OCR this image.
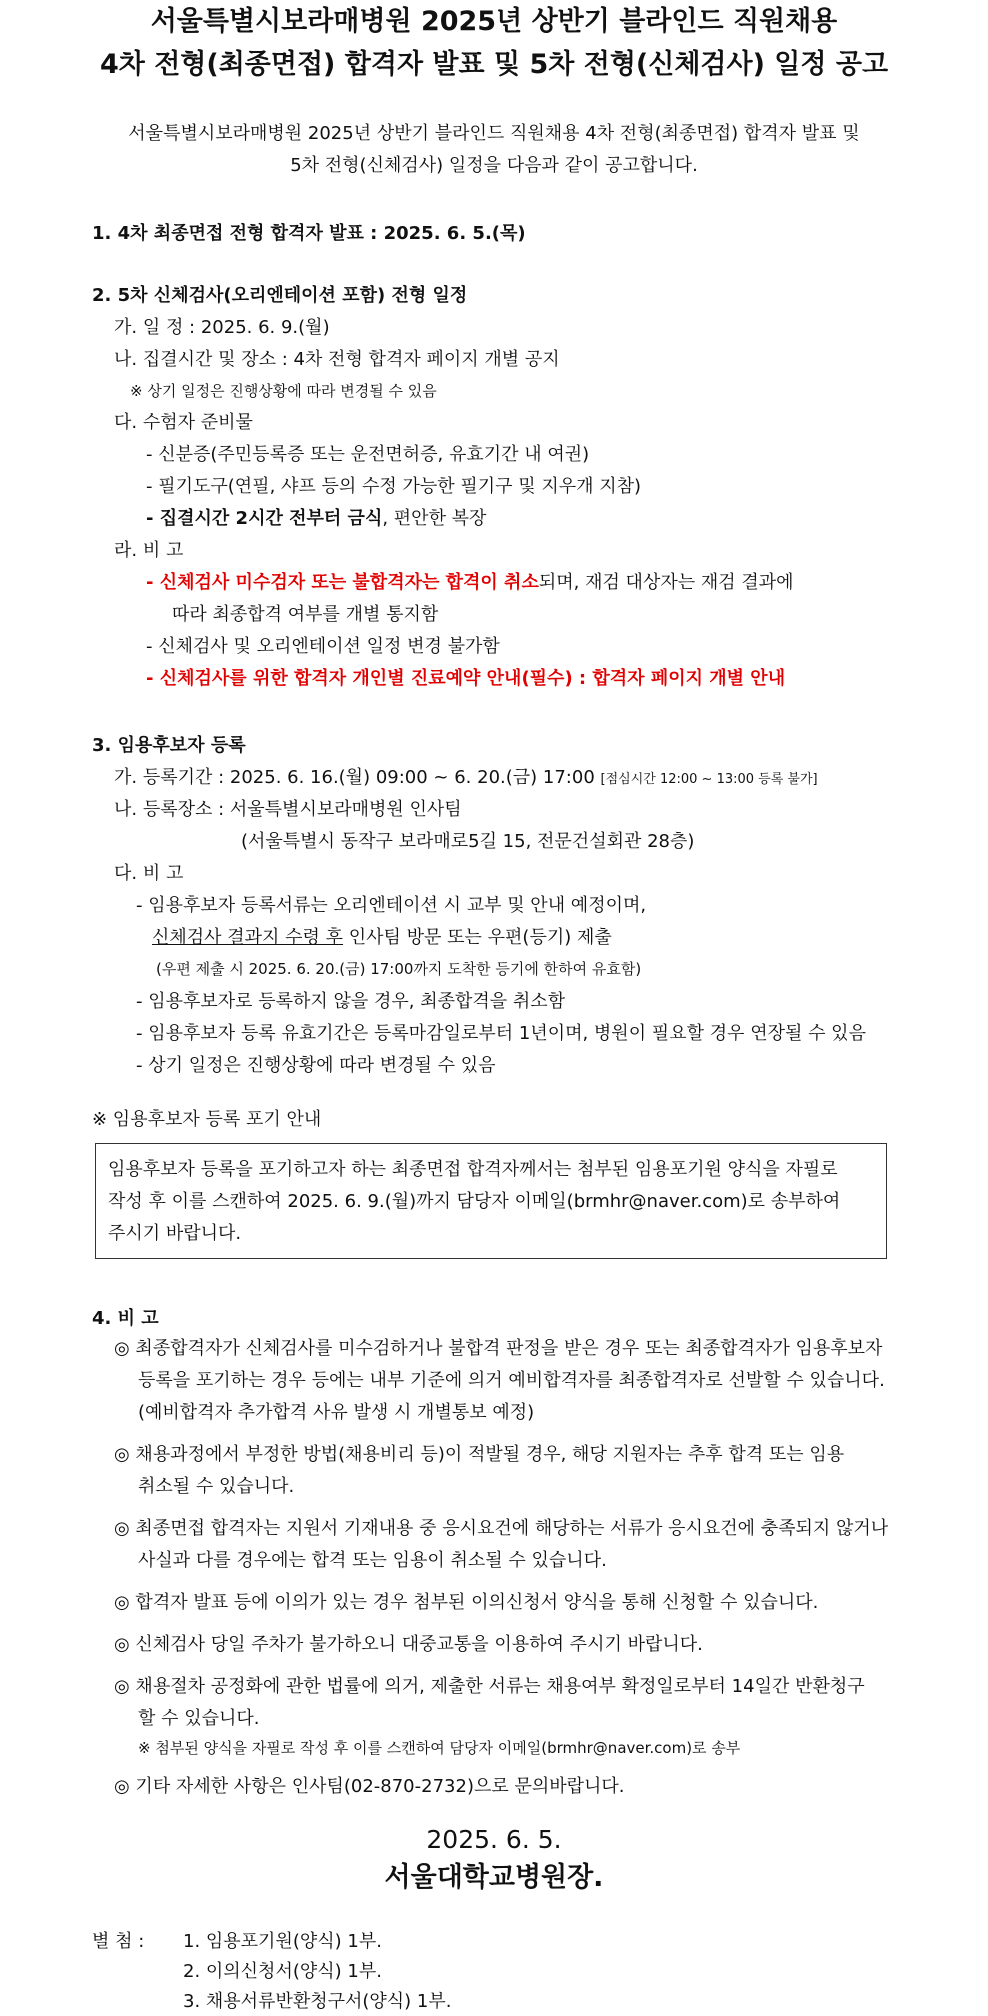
서울특별시보라매병원 2025년 상반기 블라인드 직원채용
4차 전형(최종면접) 합격자 발표 및 5차 전형(신체검사) 일정 공고
서울특별시보라매병원 2025년 상반기 블라인드 직원채용 4차 전형(최종면접) 합격자 발표 및
5차 전형(신체검사) 일정을 다음과 같이 공고합니다.
1. 4차 최종면접 전형 합격자 발표 : 2025. 6. 5.(목)
2. 5차 신체검사(오리엔테이션 포함) 전형 일정
가. 일 정 : 2025. 6. 9.(월)
나. 집결시간 및 장소 : 4차 전형 합격자 페이지 개별 공지
※ 상기 일정은 진행상황에 따라 변경될 수 있음
다. 수험자 준비물
- 신분증(주민등록증 또는 운전면허증, 유효기간 내 여권)
- 필기도구(연필, 샤프 등의 수정 가능한 필기구 및 지우개 지참)
- 집결시간 2시간 전부터 금식, 편안한 복장
라. 비 고
- 신체검사 미수검자 또는 불합격자는 합격이 취소되며, 재검 대상자는 재검 결과에
따라 최종합격 여부를 개별 통지함
- 신체검사 및 오리엔테이션 일정 변경 불가함
- 신체검사를 위한 합격자 개인별 진료예약 안내(필수) : 합격자 페이지 개별 안내
3. 임용후보자 등록
가. 등록기간 : 2025. 6. 16.(월) 09:00 ~ 6. 20.(금) 17:00 [점심시간 12:00 ~ 13:00 등록 불가]
나. 등록장소 : 서울특별시보라매병원 인사팀
(서울특별시 동작구 보라매로5길 15, 전문건설회관 28층)
다. 비 고
- 임용후보자 등록서류는 오리엔테이션 시 교부 및 안내 예정이며,
신체검사 결과지 수령 후 인사팀 방문 또는 우편(등기) 제출
(우편 제출 시 2025. 6. 20.(금) 17:00까지 도착한 등기에 한하여 유효함)
- 임용후보자로 등록하지 않을 경우, 최종합격을 취소함
- 임용후보자 등록 유효기간은 등록마감일로부터 1년이며, 병원이 필요할 경우 연장될 수 있음
- 상기 일정은 진행상황에 따라 변경될 수 있음
※ 임용후보자 등록 포기 안내
임용후보자 등록을 포기하고자 하는 최종면접 합격자께서는 첨부된 임용포기원 양식을 자필로
작성 후 이를 스캔하여 2025. 6. 9.(월)까지 담당자 이메일(brmhr@naver.com)로 송부하여
주시기 바랍니다.
4. 비 고
◎ 최종합격자가 신체검사를 미수검하거나 불합격 판정을 받은 경우 또는 최종합격자가 임용후보자
등록을 포기하는 경우 등에는 내부 기준에 의거 예비합격자를 최종합격자로 선발할 수 있습니다.
(예비합격자 추가합격 사유 발생 시 개별통보 예정)
◎ 채용과정에서 부정한 방법(채용비리 등)이 적발될 경우, 해당 지원자는 추후 합격 또는 임용
취소될 수 있습니다.
◎ 최종면접 합격자는 지원서 기재내용 중 응시요건에 해당하는 서류가 응시요건에 충족되지 않거나
사실과 다를 경우에는 합격 또는 임용이 취소될 수 있습니다.
◎ 합격자 발표 등에 이의가 있는 경우 첨부된 이의신청서 양식을 통해 신청할 수 있습니다.
◎ 신체검사 당일 주차가 불가하오니 대중교통을 이용하여 주시기 바랍니다.
◎ 채용절차 공정화에 관한 법률에 의거, 제출한 서류는 채용여부 확정일로부터 14일간 반환청구
할 수 있습니다.
※ 첨부된 양식을 자필로 작성 후 이를 스캔하여 담당자 이메일(brmhr@naver.com)로 송부
◎ 기타 자세한 사항은 인사팀(02-870-2732)으로 문의바랍니다.
2025. 6. 5.
서울대학교병원장.
별 첨 : 1. 임용포기원(양식) 1부.
2. 이의신청서(양식) 1부.
3. 채용서류반환청구서(양식) 1부.
